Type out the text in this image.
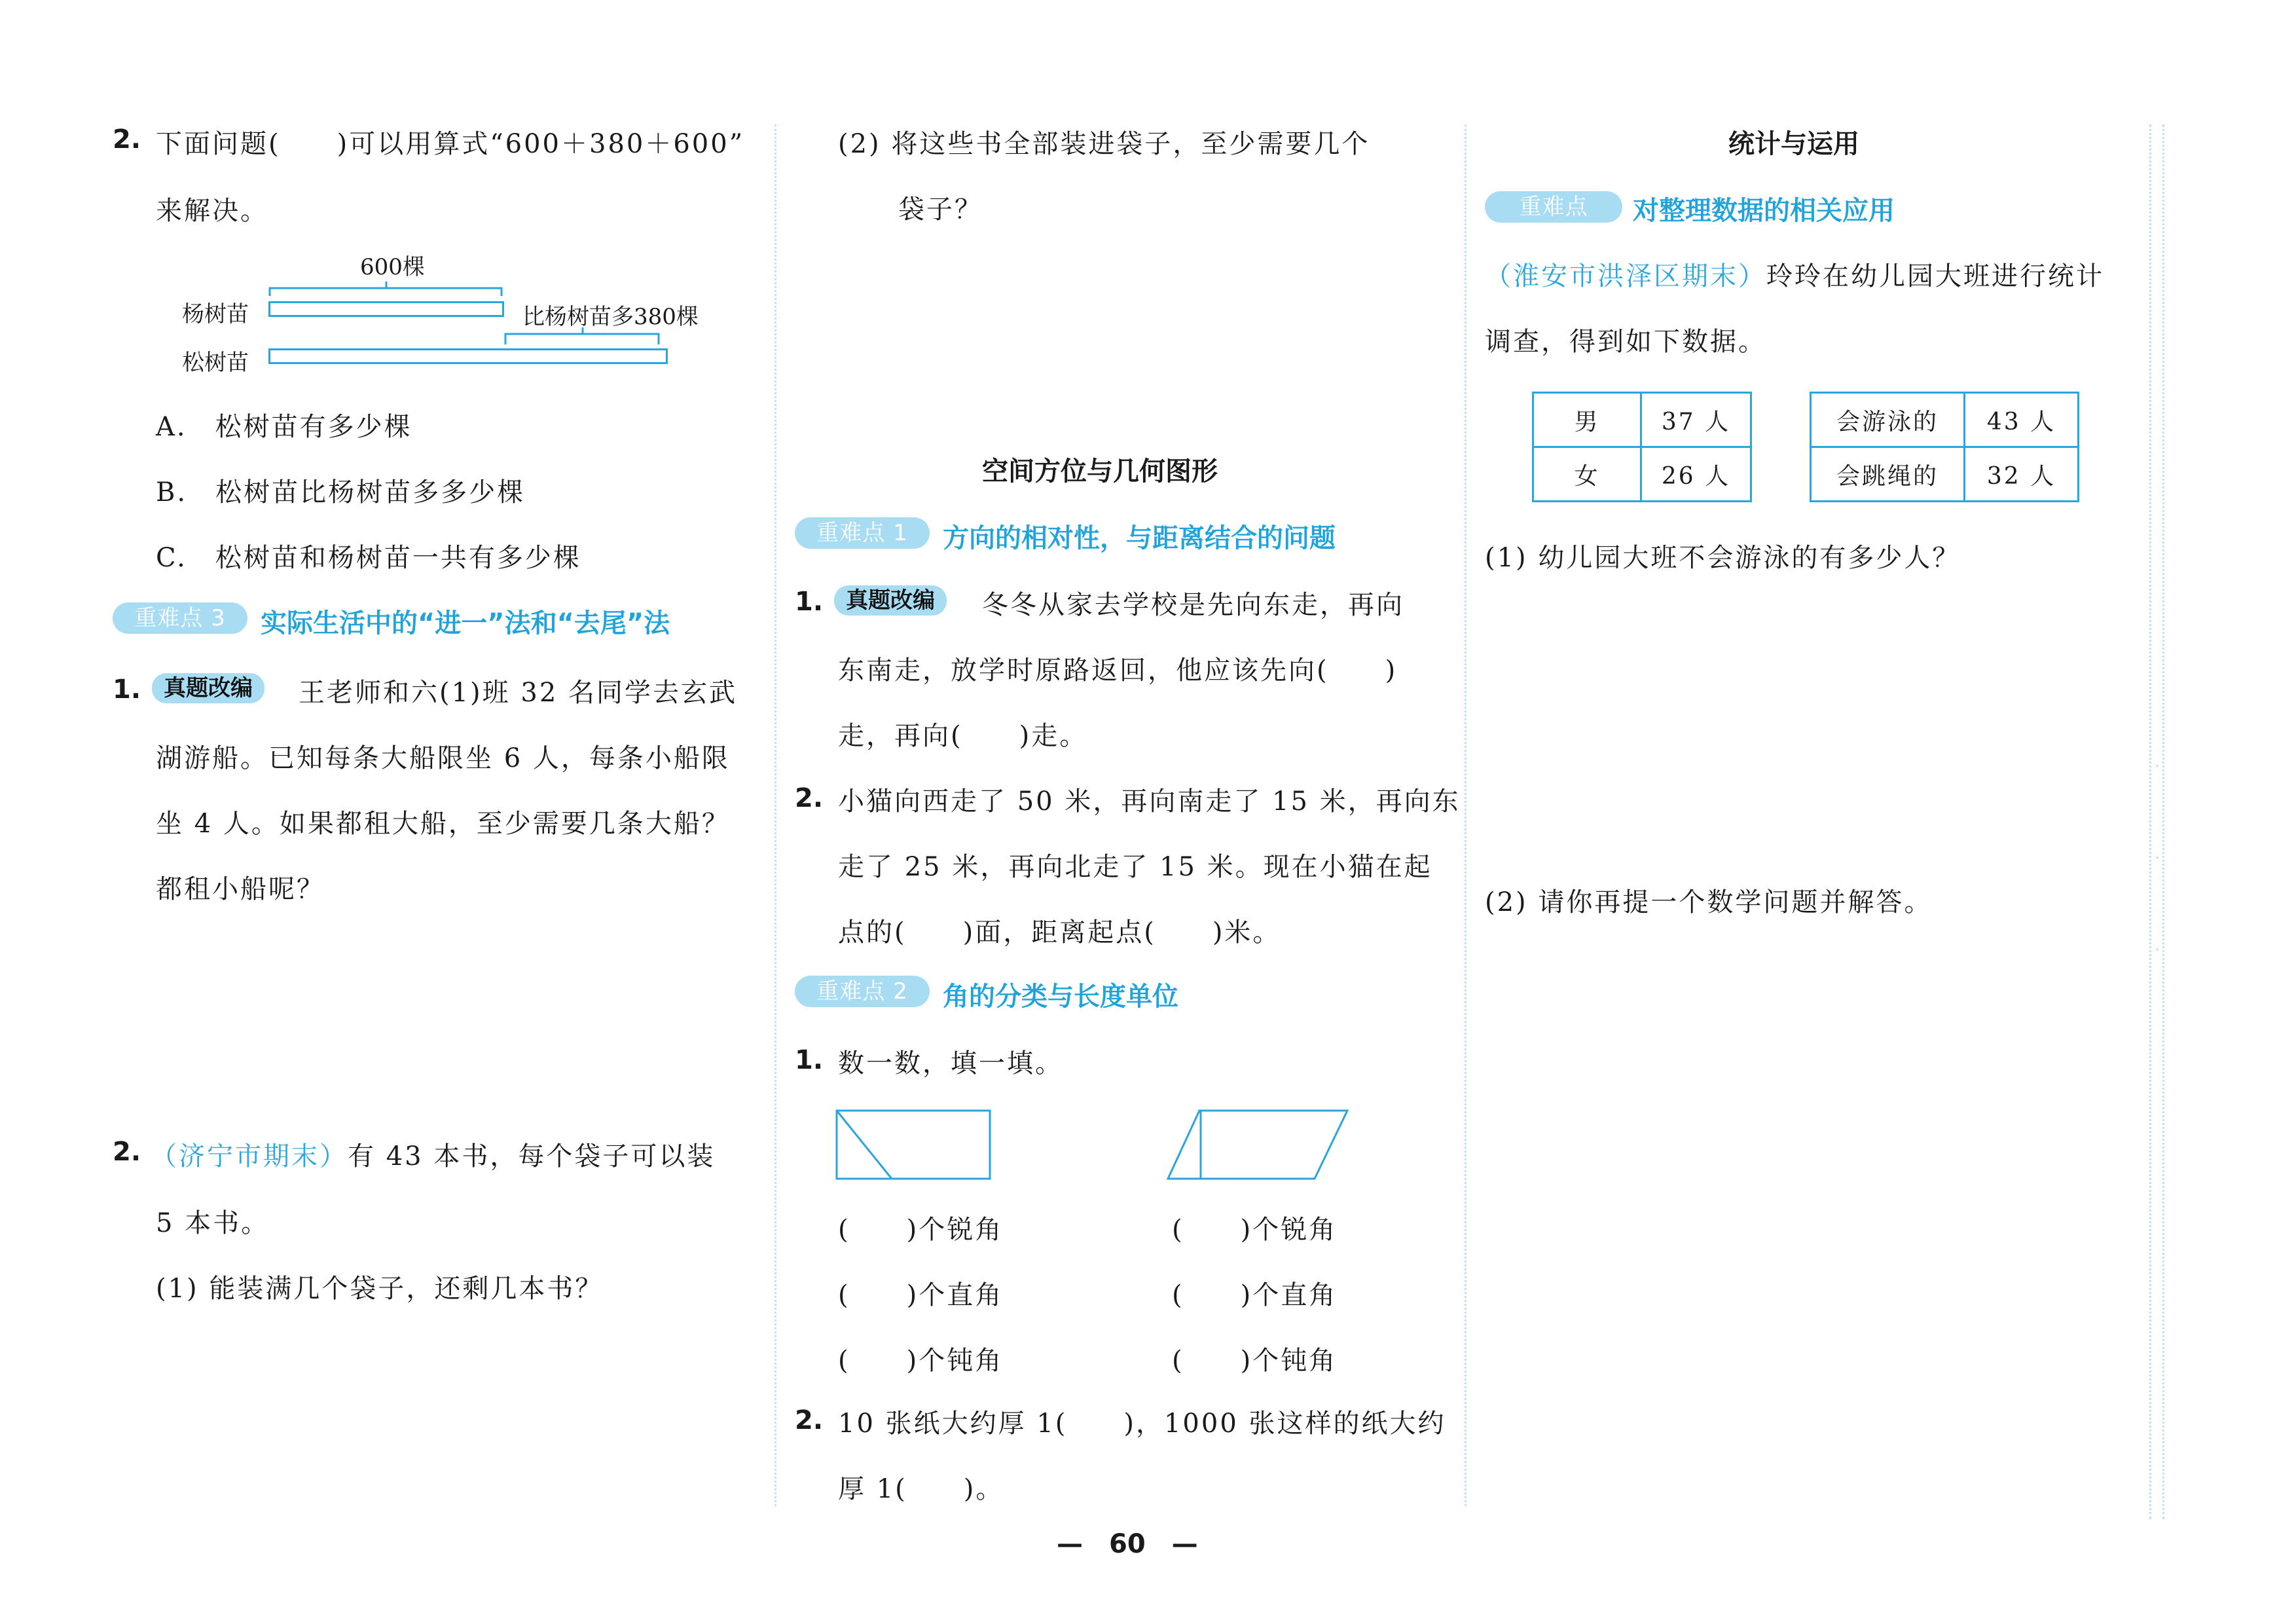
·
·
·
2. 下面问题(　　)可以用算式“600＋380＋600”
来解决。
600棵
杨树苗	比杨树苗多380棵
松树苗
A.　松树苗有多少棵
B.　松树苗比杨树苗多多少棵
C.　松树苗和杨树苗一共有多少棵
重难点 3	实际生活中的“进一”法和“去尾”法
1.	真题改编	王老师和六(1)班 32 名同学去玄武
湖游船。已知每条大船限坐 6 人，每条小船限
坐 4 人。如果都租大船，至少需要几条大船？
都租小船呢？
2. （济宁市期末）有 43 本书，每个袋子可以装
5 本书。
(1) 能装满几个袋子，还剩几本书？
(2) 将这些书全部装进袋子，至少需要几个
袋子？
空间方位与几何图形
重难点 1	方向的相对性，与距离结合的问题
1.	真题改编	冬冬从家去学校是先向东走，再向
东南走，放学时原路返回，他应该先向(　　)
走，再向(　　)走。
2. 小猫向西走了 50 米，再向南走了 15 米，再向东
走了 25 米，再向北走了 15 米。现在小猫在起
点的(　　)面，距离起点(　　)米。
重难点 2	角的分类与长度单位
1. 数一数，填一填。
(　　)个锐角
(　　)个直角
(　　)个钝角
(　　)个锐角
(　　)个直角
(　　)个钝角
2. 10 张纸大约厚 1(　　)，1000 张这样的纸大约
厚 1(　　)。
统计与运用
重难点	对整理数据的相关应用
（淮安市洪泽区期末）玲玲在幼儿园大班进行统计
调查，得到如下数据。
男	37 人
女	26 人
会游泳的	43 人
会跳绳的	32 人
(1) 幼儿园大班不会游泳的有多少人？
(2) 请你再提一个数学问题并解答。
—　60　—
